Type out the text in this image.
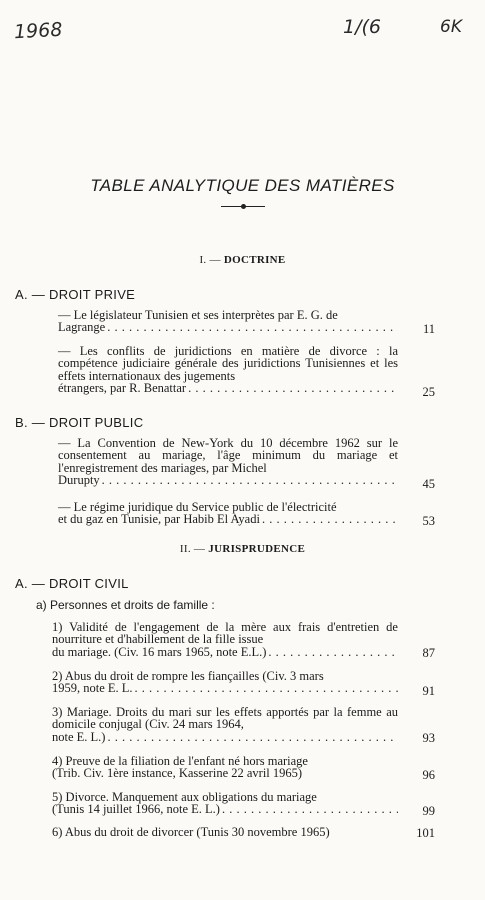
1968	1/(6	6K
TABLE ANALYTIQUE DES MATIÈRES
I. — DOCTRINE
A. — DROIT PRIVE
— Le législateur Tunisien et ses interprètes par E. G. de
Lagrange . . .	11
— Les conflits de juridictions en matière de divorce : la compétence judiciaire générale des juridictions Tunisiennes et les effets internationaux des jugements
étrangers, par R. Benattar . . .	25
B. — DROIT PUBLIC
— La Convention de New-York du 10 décembre 1962 sur le consentement au mariage, l'âge minimum du mariage et l'enregistrement des mariages, par Michel
Durupty . . .	45
— Le régime juridique du Service public de l'électricité
et du gaz en Tunisie, par Habib El Ayadi . . .	53
II. — JURISPRUDENCE
A. — DROIT CIVIL
a) Personnes et droits de famille :
1) Validité de l'engagement de la mère aux frais d'entretien de nourriture et d'habillement de la fille issue
du mariage. (Civ. 16 mars 1965, note E.L.) . . .	87
2) Abus du droit de rompre les fiançailles (Civ. 3 mars
1959, note E. L. . . .	91
3) Mariage. Droits du mari sur les effets apportés par la femme au domicile conjugal (Civ. 24 mars 1964,
note E. L.) . . .	93
4) Preuve de la filiation de l'enfant né hors mariage
(Trib. Civ. 1ère instance, Kasserine 22 avril 1965)	96
5) Divorce. Manquement aux obligations du mariage
(Tunis 14 juillet 1966, note E. L.) . . .	99
6) Abus du droit de divorcer (Tunis 30 novembre 1965)	101
